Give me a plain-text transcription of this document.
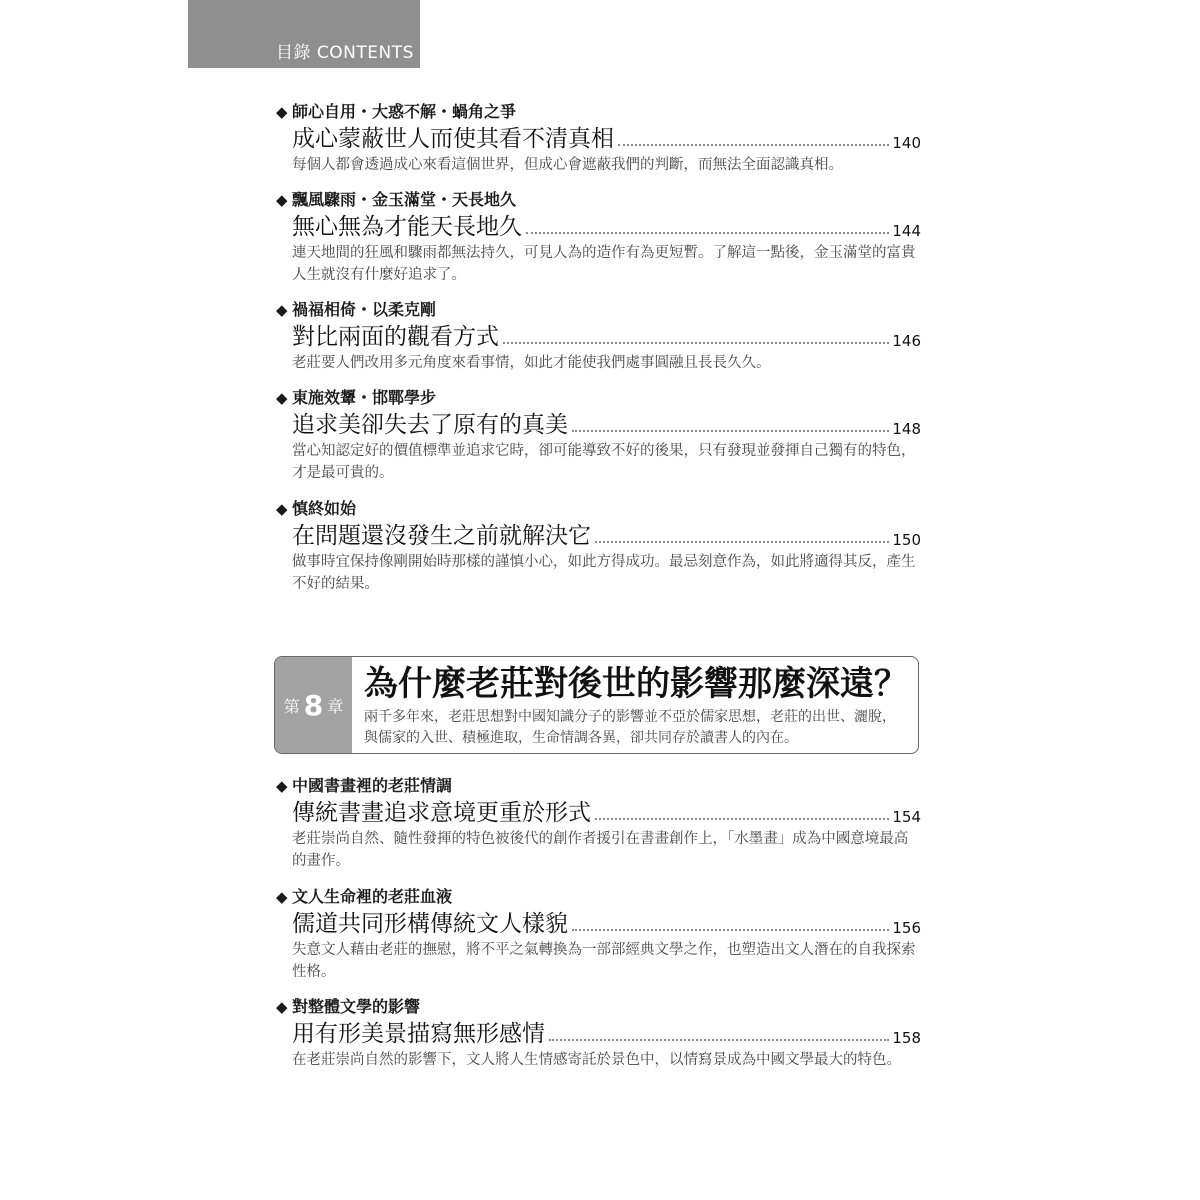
目錄 CONTENTS
◆ 師心自用・大惑不解・蝸角之爭
成心蒙蔽世人而使其看不清真相	140
每個人都會透過成心來看這個世界，但成心會遮蔽我們的判斷，而無法全面認識真相。
◆ 飄風驟雨・金玉滿堂・天長地久
無心無為才能天長地久	144
連天地間的狂風和驟雨都無法持久，可見人為的造作有為更短暫。了解這一點後，金玉滿堂的富貴人生就沒有什麼好追求了。
◆ 禍福相倚・以柔克剛
對比兩面的觀看方式	146
老莊要人們改用多元角度來看事情，如此才能使我們處事圓融且長長久久。
◆ 東施效顰・邯鄲學步
追求美卻失去了原有的真美	148
當心知認定好的價值標準並追求它時，卻可能導致不好的後果，只有發現並發揮自己獨有的特色，才是最可貴的。
◆ 慎終如始
在問題還沒發生之前就解決它	150
做事時宜保持像剛開始時那樣的謹慎小心，如此方得成功。最忌刻意作為，如此將適得其反，產生不好的結果。
第 8 章
為什麼老莊對後世的影響那麼深遠？
兩千多年來，老莊思想對中國知識分子的影響並不亞於儒家思想，老莊的出世、灑脫，與儒家的入世、積極進取，生命情調各異，卻共同存於讀書人的內在。
◆ 中國書畫裡的老莊情調
傳統書畫追求意境更重於形式	154
老莊崇尚自然、隨性發揮的特色被後代的創作者援引在書畫創作上，「水墨畫」成為中國意境最高的畫作。
◆ 文人生命裡的老莊血液
儒道共同形構傳統文人樣貌	156
失意文人藉由老莊的撫慰，將不平之氣轉換為一部部經典文學之作，也塑造出文人潛在的自我探索性格。
◆ 對整體文學的影響
用有形美景描寫無形感情	158
在老莊崇尚自然的影響下，文人將人生情感寄託於景色中，以情寫景成為中國文學最大的特色。
